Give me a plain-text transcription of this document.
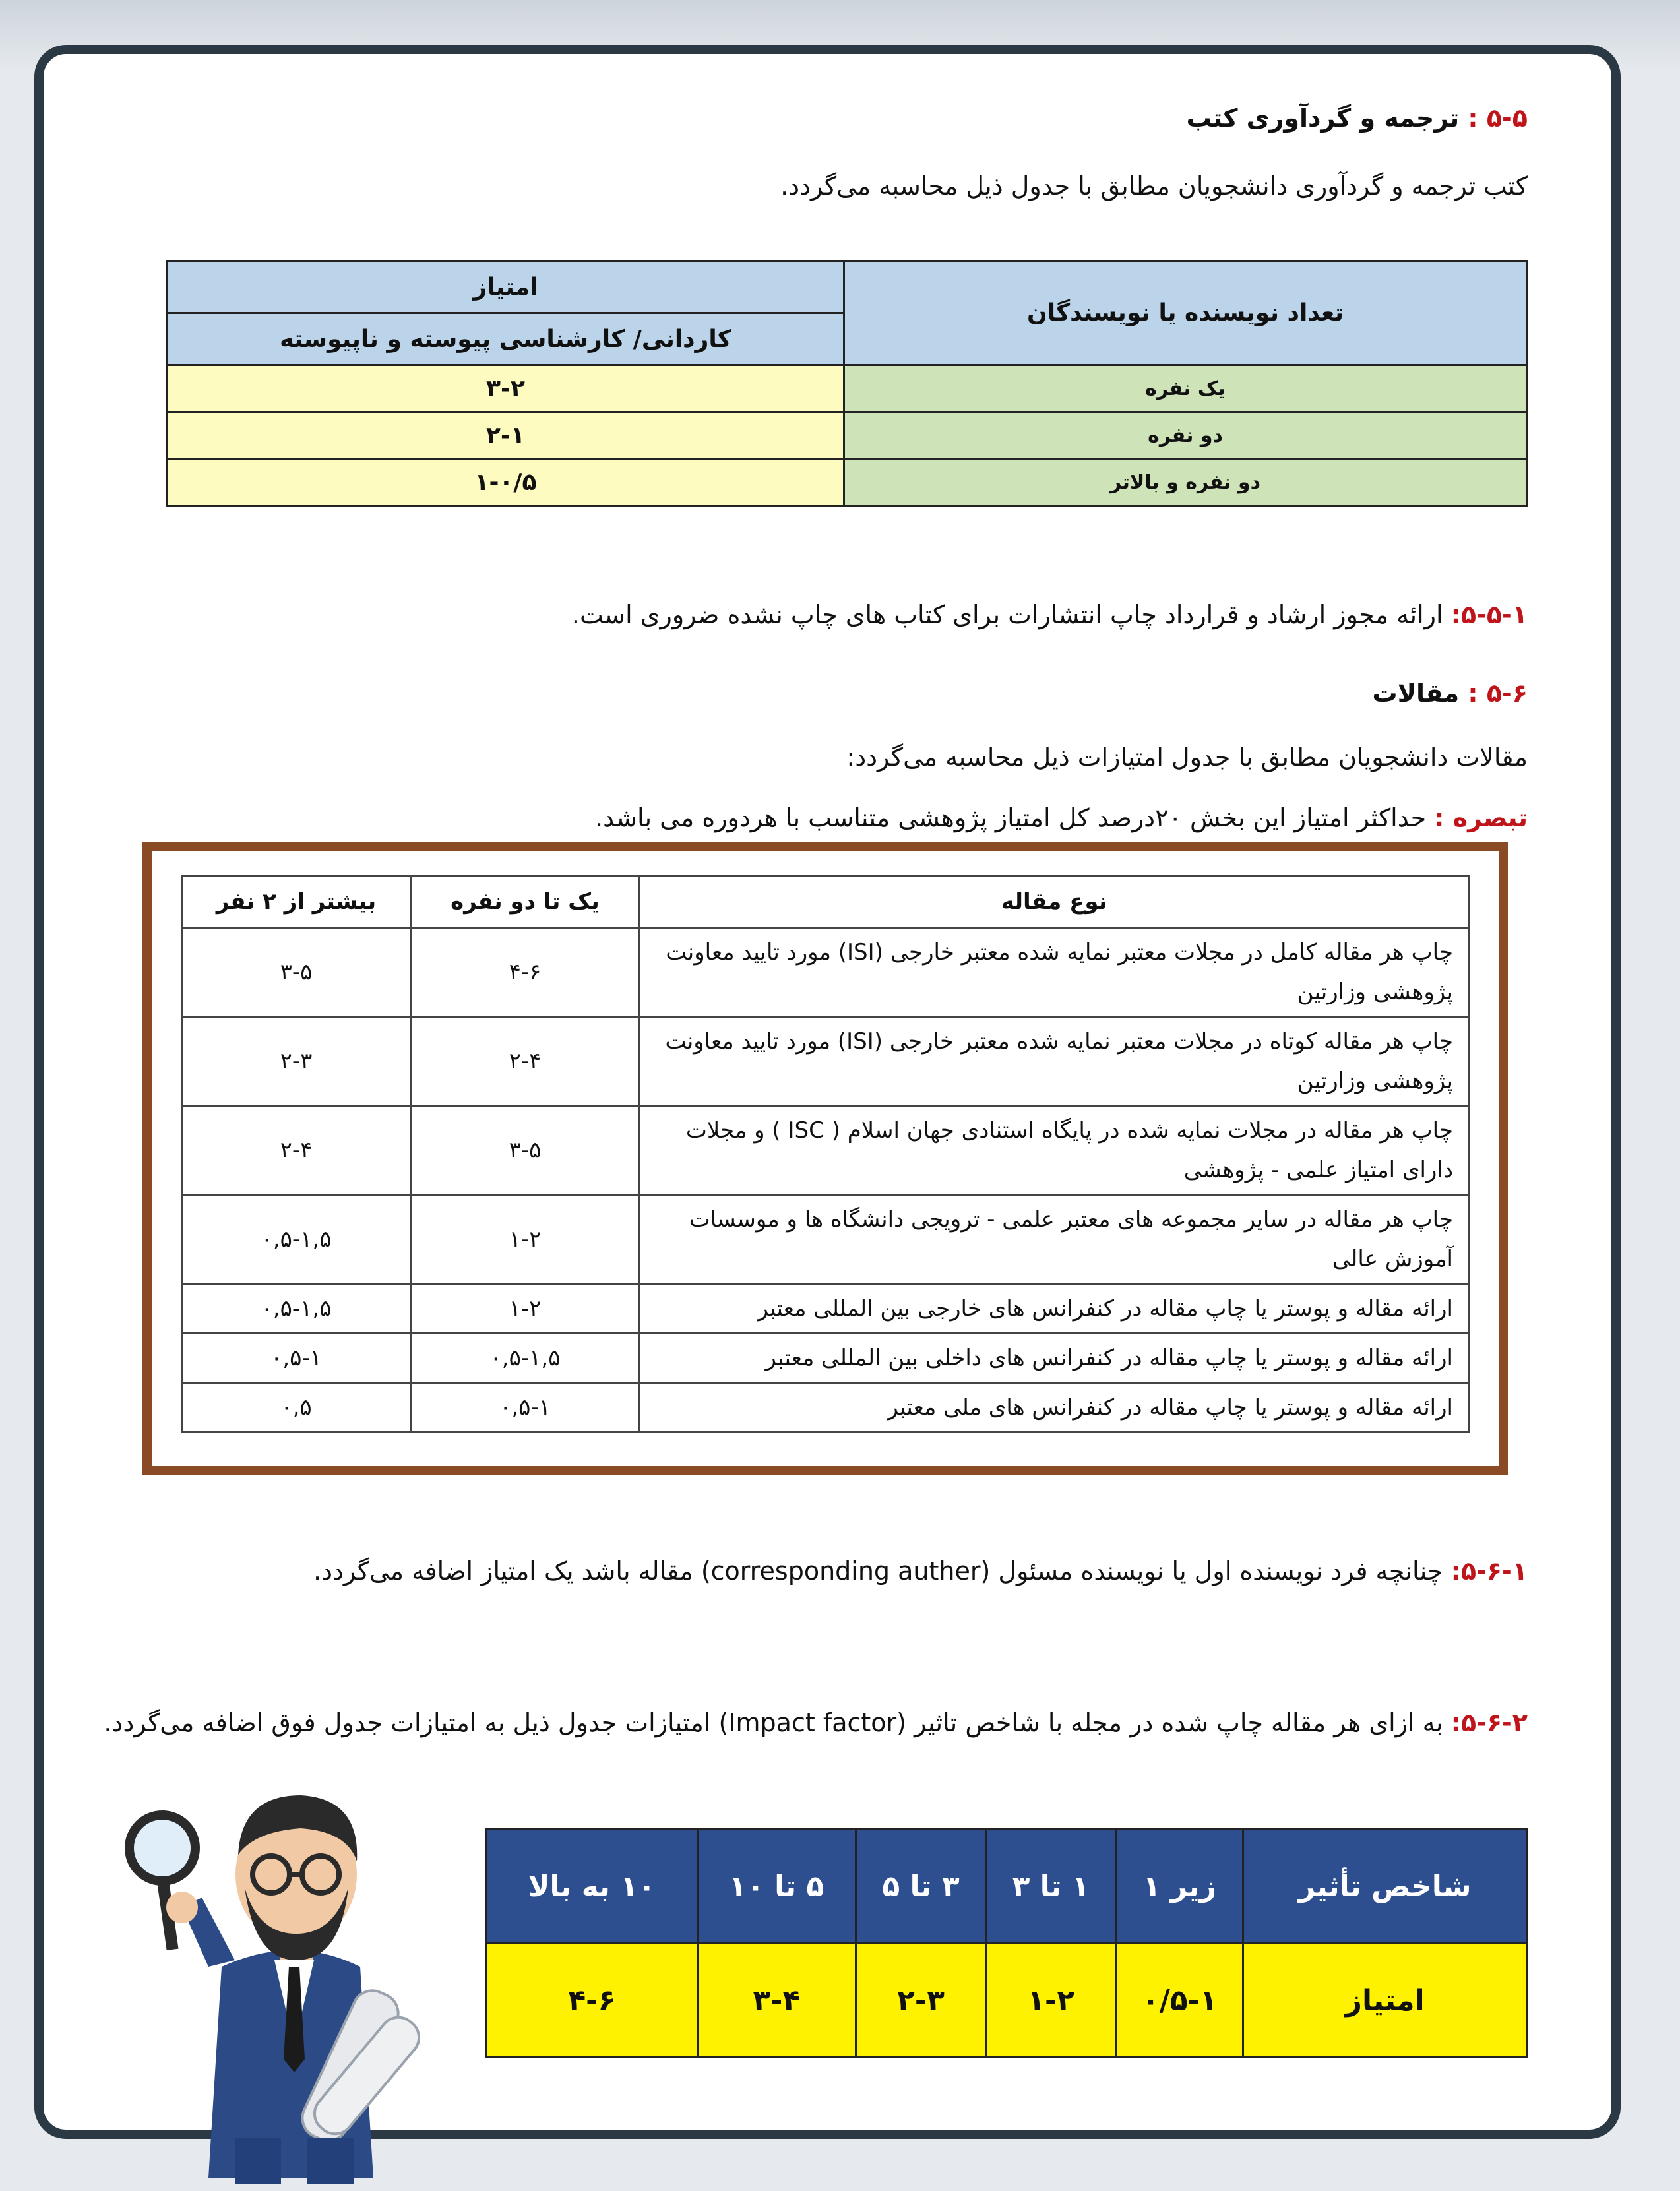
۵-۵ : ترجمه و گردآوری کتب
کتب ترجمه و گردآوری دانشجویان مطابق با جدول ذیل محاسبه می‌گردد.
تعداد نویسنده یا نویسندگان	امتیاز
	کاردانی/ کارشناسی پیوسته و ناپیوسته
یک نفره	۳-۲
دو نفره	۲-۱
دو نفره و بالاتر	۱-۰/۵
۵-۵-۱: ارائه مجوز ارشاد و قرارداد چاپ انتشارات برای کتاب های چاپ نشده ضروری است.
۵-۶ : مقالات
مقالات دانشجویان مطابق با جدول امتیازات ذیل محاسبه می‌گردد:
تبصره : حداکثر امتیاز این بخش ۲۰درصد کل امتیاز پژوهشی متناسب با هردوره می باشد.
نوع مقاله	یک تا دو نفره	بیشتر از ۲ نفر
چاپ هر مقاله کامل در مجلات معتبر نمایه شده معتبر خارجی (ISI) مورد تایید معاونت پژوهشی وزارتین	۴-۶	۳-۵
چاپ هر مقاله کوتاه در مجلات معتبر نمایه شده معتبر خارجی (ISI) مورد تایید معاونت پژوهشی وزارتین	۲-۴	۲-۳
چاپ هر مقاله در مجلات نمایه شده در پایگاه استنادی جهان اسلام ( ISC ) و مجلات دارای امتیاز علمی - پژوهشی	۳-۵	۲-۴
چاپ هر مقاله در سایر مجموعه های معتبر علمی - ترویجی دانشگاه ها و موسسات آموزش عالی	۱-۲	۰,۵-۱,۵
ارائه مقاله و پوستر یا چاپ مقاله در کنفرانس های خارجی بین المللی معتبر	۱-۲	۰,۵-۱,۵
ارائه مقاله و پوستر یا چاپ مقاله در کنفرانس های داخلی بین المللی معتبر	۰,۵-۱,۵	۰,۵-۱
ارائه مقاله و پوستر یا چاپ مقاله در کنفرانس های ملی معتبر	۰,۵-۱	۰,۵
۵-۶-۱: چنانچه فرد نویسنده اول یا نویسنده مسئول (corresponding auther) مقاله باشد یک امتیاز اضافه می‌گردد.
۵-۶-۲: به ازای هر مقاله چاپ شده در مجله با شاخص تاثیر (Impact factor) امتیازات جدول ذیل به امتیازات جدول فوق اضافه می‌گردد.
شاخص تأثیر	زیر ۱	۱ تا ۳	۳ تا ۵	۵ تا ۱۰	۱۰ به بالا
امتیاز	۰/۵-۱	۱-۲	۲-۳	۳-۴	۴-۶
